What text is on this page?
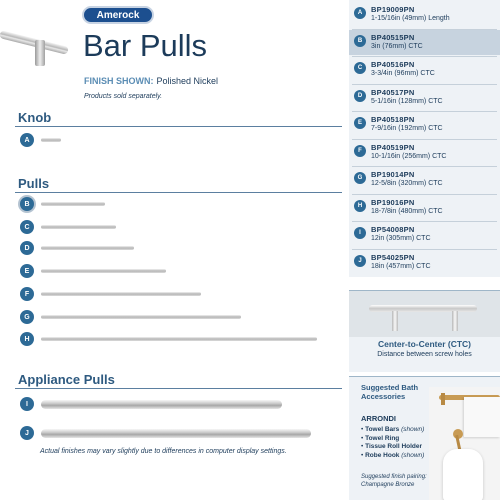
Amerock
Bar Pulls
FINISH SHOWN: Polished Nickel
Products sold separately.
Knob
Pulls
Appliance Pulls
A
B
C
D
E
F
G
H
I
J
Actual finishes may vary slightly due to differences in computer display settings.
A	BP19009PN
1-15/16in (49mm) Length
B	BP40515PN
3in (76mm) CTC
C	BP40516PN
3-3/4in (96mm) CTC
D	BP40517PN
5-1/16in (128mm) CTC
E	BP40518PN
7-9/16in (192mm) CTC
F	BP40519PN
10-1/16in (256mm) CTC
G	BP19014PN
12-5/8in (320mm) CTC
H	BP19016PN
18-7/8in (480mm) CTC
I	BP54008PN
12in (305mm) CTC
J	BP54025PN
18in (457mm) CTC
Center-to-Center (CTC)
Distance between screw holes
Suggested Bath Accessories
ARRONDI
• Towel Bars (shown)
• Towel Ring
• Tissue Roll Holder
• Robe Hook (shown)
Suggested finish pairing:
Champagne Bronze
